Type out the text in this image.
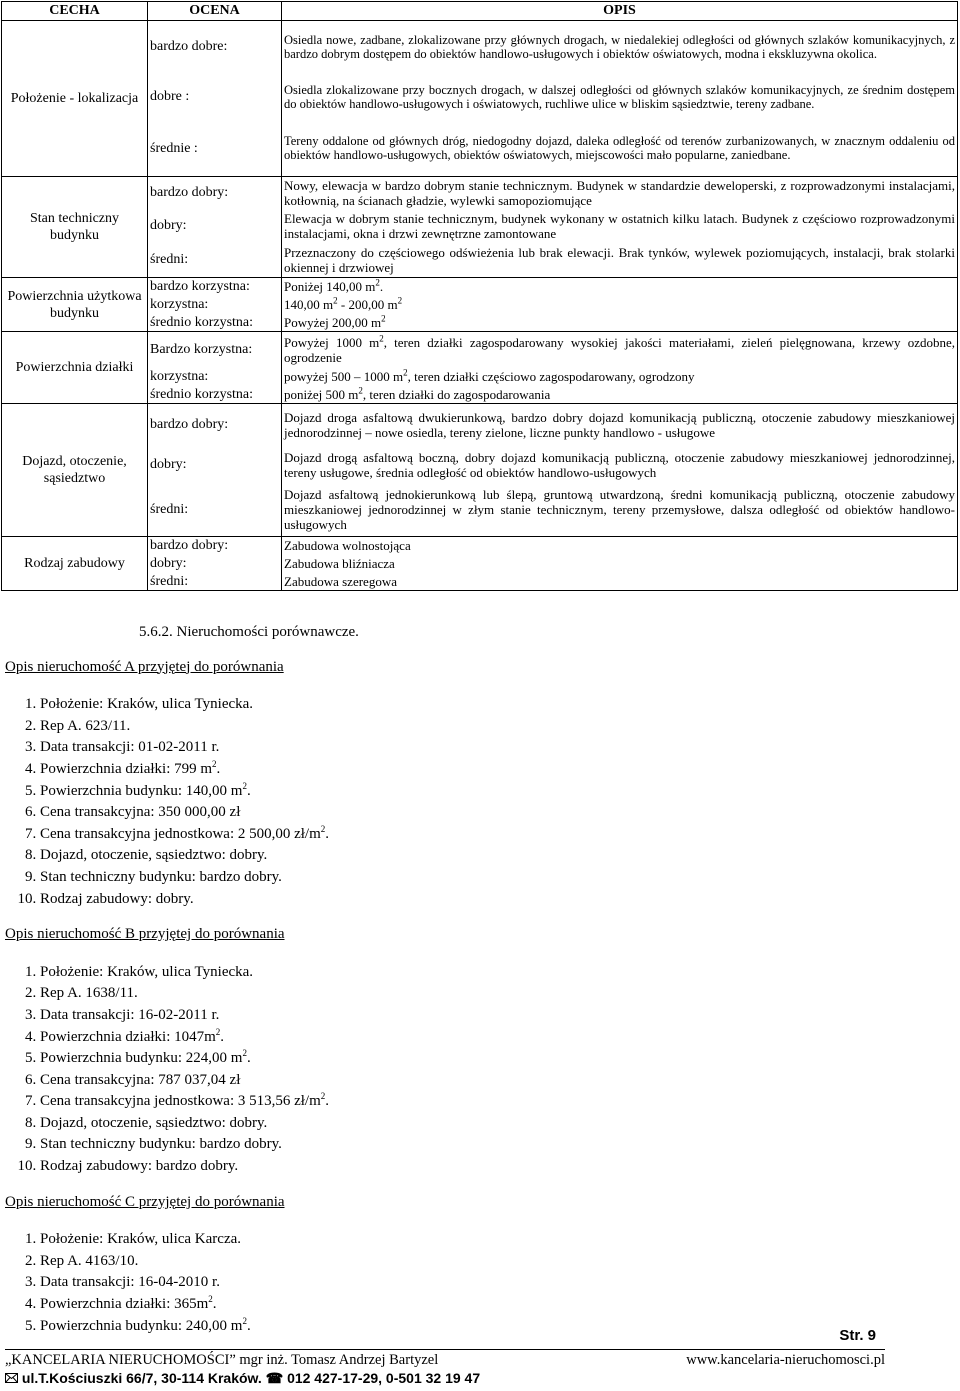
CECHA	OCENA	OPIS
Położenie - lokalizacja	bardzo dobre:	Osiedla nowe, zadbane, zlokalizowane przy głównych drogach, w niedalekiej odległości od głównych szlaków komunikacyjnych, z bardzo dobrym dostępem do obiektów handlowo-usługowych i obiektów oświatowych, modna i ekskluzywna okolica.
	dobre :	Osiedla zlokalizowane przy bocznych drogach, w dalszej odległości od głównych szlaków komunikacyjnych, ze średnim dostępem do obiektów handlowo-usługowych i oświatowych, ruchliwe ulice w bliskim sąsiedztwie, tereny zadbane.
	średnie :	Tereny oddalone od głównych dróg, niedogodny dojazd, daleka odległość od terenów zurbanizowanych, w znacznym oddaleniu od obiektów handlowo-usługowych, obiektów oświatowych, miejscowości mało popularne, zaniedbane.
Stan techniczny budynku	bardzo dobry:	Nowy, elewacja w bardzo dobrym stanie technicznym. Budynek w standardzie deweloperski, z rozprowadzonymi instalacjami, kotłownią, na ścianach gładzie, wylewki samopoziomujące
	dobry:	Elewacja w dobrym stanie technicznym, budynek wykonany w ostatnich kilku latach. Budynek z częściowo rozprowadzonymi instalacjami, okna i drzwi zewnętrzne zamontowane
	średni:	Przeznaczony do częściowego odświeżenia lub brak elewacji. Brak tynków, wylewek poziomujących, instalacji, brak stolarki okiennej i drzwiowej
Powierzchnia użytkowa budynku	bardzo korzystna:	Poniżej 140,00 $m^2$.
	korzystna:	140,00 $m^2 - 200,00$ $m^2$
	średnio korzystna:	Powyżej 200,00 $m^2$
Powierzchnia działki	Bardzo korzystna:	Powyżej 1000 $m^2$, teren działki zagospodarowany wysokiej jakości materiałami, zieleń pielęgnowana, krzewy ozdobne, ogrodzenie
	korzystna:	powyżej 500 – 1000 $m^2$, teren działki częściowo zagospodarowany, ogrodzony
	średnio korzystna:	poniżej 500 $m^2$, teren działki do zagospodarowania
Dojazd, otoczenie, sąsiedztwo	bardzo dobry:	Dojazd droga asfaltową dwukierunkową, bardzo dobry dojazd komunikacją publiczną, otoczenie zabudowy mieszkaniowej jednorodzinnej – nowe osiedla, tereny zielone, liczne punkty handlowo - usługowe
	dobry:	Dojazd drogą asfaltową boczną, dobry dojazd komunikacją publiczną, otoczenie zabudowy mieszkaniowej jednorodzinnej, tereny usługowe, średnia odległość od obiektów handlowo-usługowych
	średni:	Dojazd asfaltową jednokierunkową lub ślepą, gruntową utwardzoną, średni komunikacją publiczną, otoczenie zabudowy mieszkaniowej jednorodzinnej w złym stanie technicznym, tereny przemysłowe, dalsza odległość od obiektów handlowo-usługowych
Rodzaj zabudowy	bardzo dobry:	Zabudowa wolnostojąca
	dobry:	Zabudowa bliźniacza
	średni:	Zabudowa szeregowa
5.6.2. Nieruchomości porównawcze.
Opis nieruchomość A przyjętej do porównania
1. Położenie: Kraków, ulica Tyniecka.
2. Rep A. 623/11.
3. Data transakcji: 01-02-2011 r.
4. Powierzchnia działki: 799 $m^2$.
5. Powierzchnia budynku: 140,00 $m^2$.
6. Cena transakcyjna: 350 000,00 zł
7. Cena transakcyjna jednostkowa: 2 500,00 $zł/m^2$.
8. Dojazd, otoczenie, sąsiedztwo: dobry.
9. Stan techniczny budynku: bardzo dobry.
10. Rodzaj zabudowy: dobry.
Opis nieruchomość B przyjętej do porównania
1. Położenie: Kraków, ulica Tyniecka.
2. Rep A. 1638/11.
3. Data transakcji: 16-02-2011 r.
4. Powierzchnia działki: $1047m^2$.
5. Powierzchnia budynku: 224,00 $m^2$.
6. Cena transakcyjna: 787 037,04 zł
7. Cena transakcyjna jednostkowa: 3 513,56 $zł/m^2$.
8. Dojazd, otoczenie, sąsiedztwo: dobry.
9. Stan techniczny budynku: bardzo dobry.
10. Rodzaj zabudowy: bardzo dobry.
Opis nieruchomość C przyjętej do porównania
1. Położenie: Kraków, ulica Karcza.
2. Rep A. 4163/10.
3. Data transakcji: 16-04-2010 r.
4. Powierzchnia działki: $365m^2$.
5. Powierzchnia budynku: 240,00 $m^2$.
Str. 9
„KANCELARIA NIERUCHOMOŚCI” mgr inż. Tomasz Andrzej Bartyzel	www.kancelaria-nieruchomosci.pl
ul.T.Kościuszki 66/7, 30-114 Kraków. ☎ 012 427-17-29, 0-501 32 19 47
